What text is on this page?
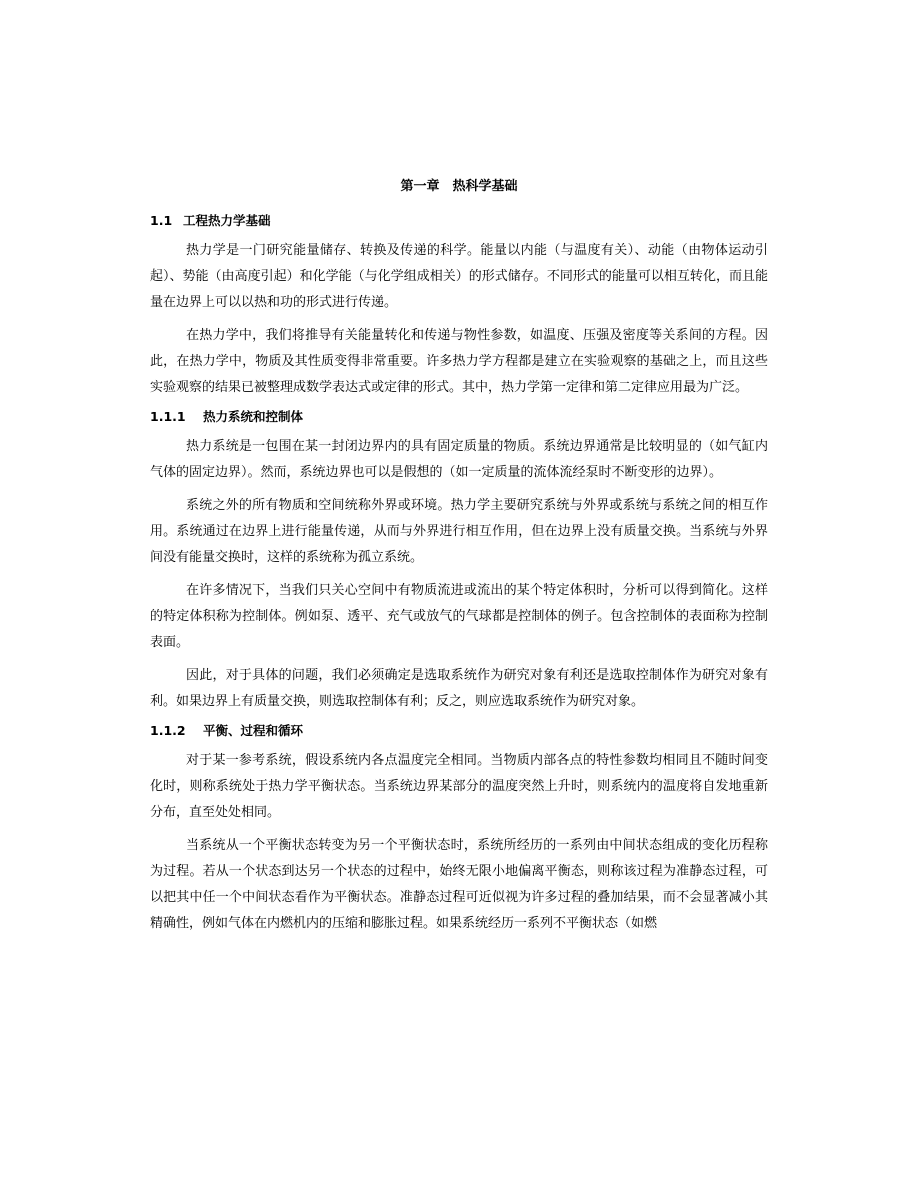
第一章　热科学基础
1.1 工程热力学基础

热力学是一门研究能量储存、转换及传递的科学。能量以内能（与温度有关）、动能（由物体运动引起）、势能（由高度引起）和化学能（与化学组成相关）的形式储存。不同形式的能量可以相互转化，而且能量在边界上可以以热和功的形式进行传递。

在热力学中，我们将推导有关能量转化和传递与物性参数，如温度、压强及密度等关系间的方程。因此，在热力学中，物质及其性质变得非常重要。许多热力学方程都是建立在实验观察的基础之上，而且这些实验观察的结果已被整理成数学表达式或定律的形式。其中，热力学第一定律和第二定律应用最为广泛。

1.1.1	热力系统和控制体

热力系统是一包围在某一封闭边界内的具有固定质量的物质。系统边界通常是比较明显的（如气缸内气体的固定边界）。然而，系统边界也可以是假想的（如一定质量的流体流经泵时不断变形的边界）。

系统之外的所有物质和空间统称外界或环境。热力学主要研究系统与外界或系统与系统之间的相互作用。系统通过在边界上进行能量传递，从而与外界进行相互作用，但在边界上没有质量交换。当系统与外界间没有能量交换时，这样的系统称为孤立系统。

在许多情况下，当我们只关心空间中有物质流进或流出的某个特定体积时，分析可以得到简化。这样的特定体积称为控制体。例如泵、透平、充气或放气的气球都是控制体的例子。包含控制体的表面称为控制表面。

因此，对于具体的问题，我们必须确定是选取系统作为研究对象有利还是选取控制体作为研究对象有利。如果边界上有质量交换，则选取控制体有利；反之，则应选取系统作为研究对象。

1.1.2	平衡、过程和循环

对于某一参考系统，假设系统内各点温度完全相同。当物质内部各点的特性参数均相同且不随时间变化时，则称系统处于热力学平衡状态。当系统边界某部分的温度突然上升时，则系统内的温度将自发地重新分布，直至处处相同。

当系统从一个平衡状态转变为另一个平衡状态时，系统所经历的一系列由中间状态组成的变化历程称为过程。若从一个状态到达另一个状态的过程中，始终无限小地偏离平衡态，则称该过程为准静态过程，可以把其中任一个中间状态看作为平衡状态。准静态过程可近似视为许多过程的叠加结果，而不会显著减小其精确性，例如气体在内燃机内的压缩和膨胀过程。如果系统经历一系列不平衡状态（如燃
